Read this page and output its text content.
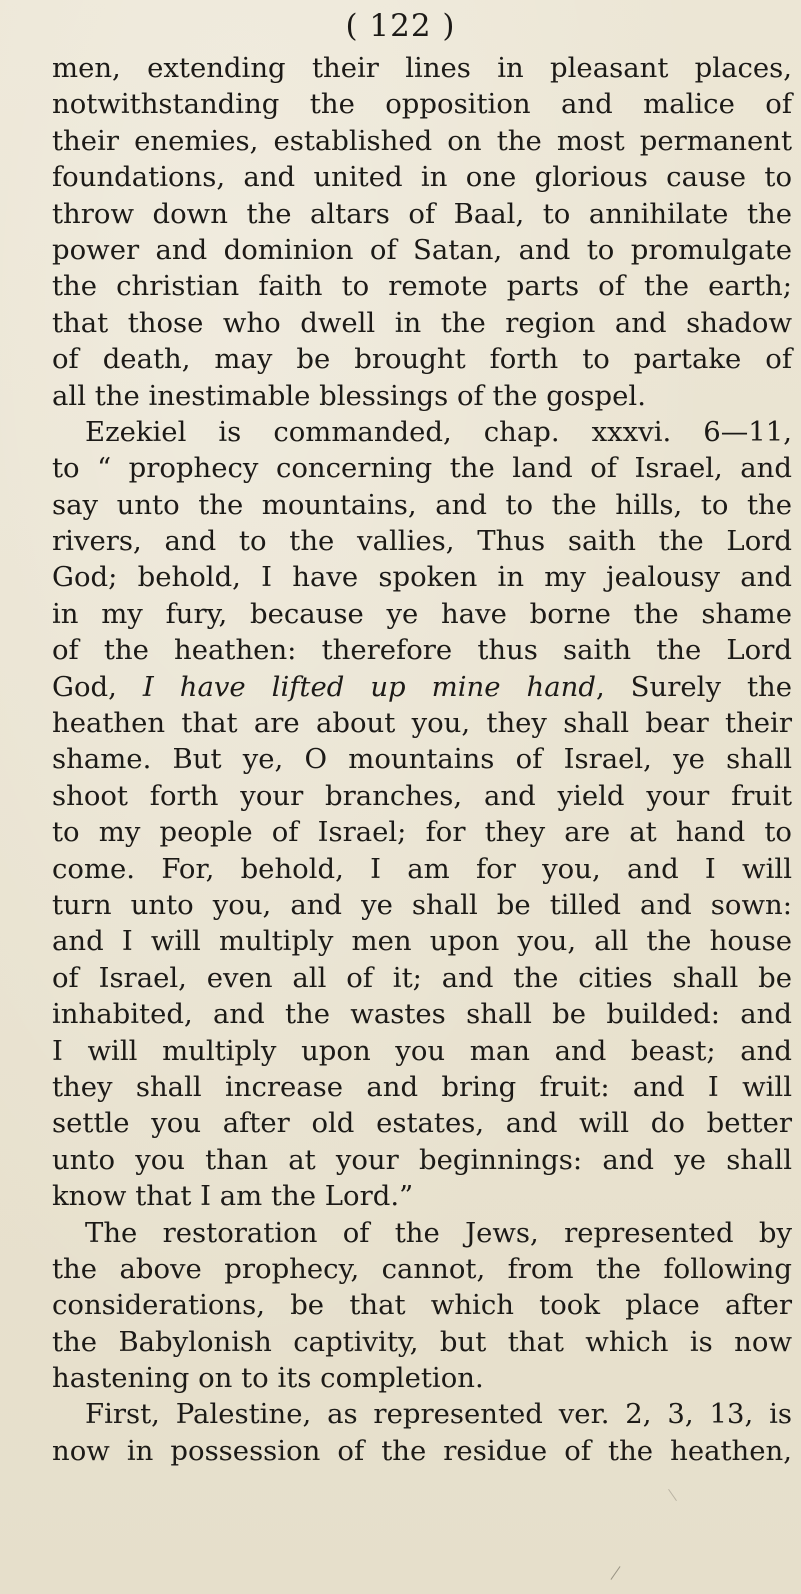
( 122 )
men, extending their lines in pleasant places,
notwithstanding the opposition and malice of
their enemies, established on the most permanent
foundations, and united in one glorious cause to
throw down the altars of Baal, to annihilate the
power and dominion of Satan, and to promulgate
the christian faith to remote parts of the earth;
that those who dwell in the region and shadow
of death, may be brought forth to partake of
all the inestimable blessings of the gospel.
Ezekiel is commanded, chap. xxxvi. 6—11,
to “ prophecy concerning the land of Israel, and
say unto the mountains, and to the hills, to the
rivers, and to the vallies, Thus saith the Lord
God; behold, I have spoken in my jealousy and
in my fury, because ye have borne the shame
of the heathen: therefore thus saith the Lord
God, I have lifted up mine hand, Surely the
heathen that are about you, they shall bear their
shame. But ye, O mountains of Israel, ye shall
shoot forth your branches, and yield your fruit
to my people of Israel; for they are at hand to
come. For, behold, I am for you, and I will
turn unto you, and ye shall be tilled and sown:
and I will multiply men upon you, all the house
of Israel, even all of it; and the cities shall be
inhabited, and the wastes shall be builded: and
I will multiply upon you man and beast; and
they shall increase and bring fruit: and I will
settle you after old estates, and will do better
unto you than at your beginnings: and ye shall
know that I am the Lord.”
The restoration of the Jews, represented by
the above prophecy, cannot, from the following
considerations, be that which took place after
the Babylonish captivity, but that which is now
hastening on to its completion.
First, Palestine, as represented ver. 2, 3, 13, is
now in possession of the residue of the heathen,
